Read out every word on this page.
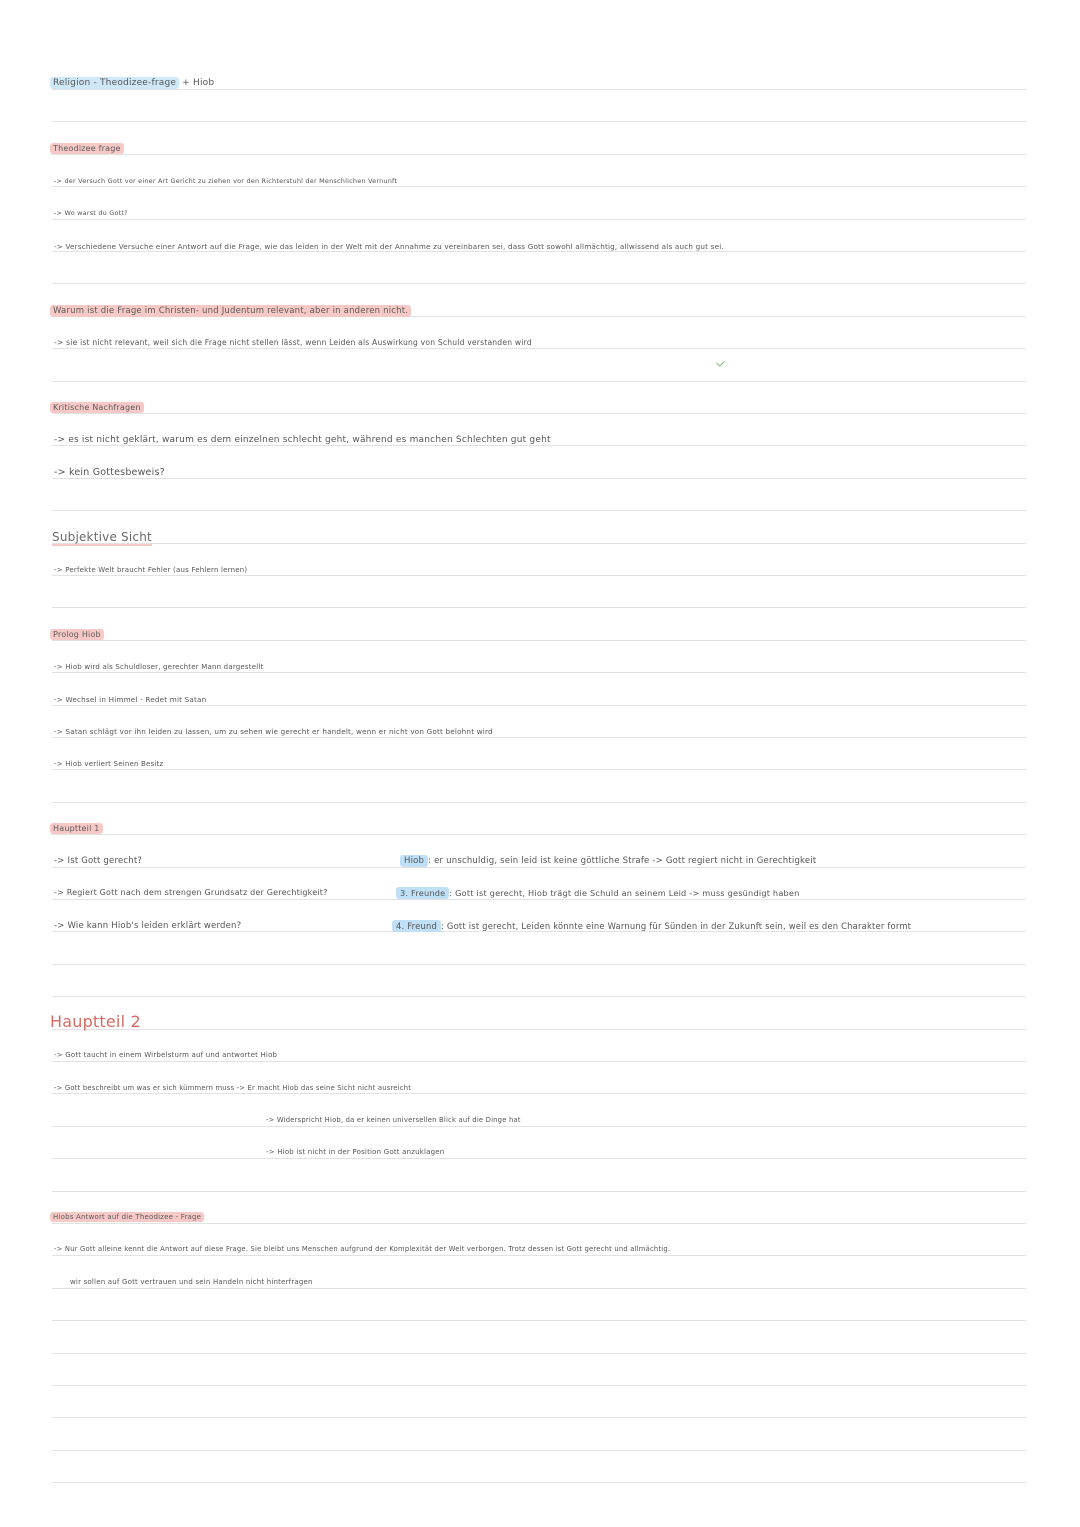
Religion - Theodizee-frage + Hiob
Theodizee frage
-> der Versuch Gott vor einer Art Gericht zu ziehen vor den Richterstuhl der Menschlichen Vernunft
-> Wo warst du Gott?
-> Verschiedene Versuche einer Antwort auf die Frage, wie das leiden in der Welt mit der Annahme zu vereinbaren sei, dass Gott sowohl allmächtig, allwissend als auch gut sei.
Warum ist die Frage im Christen- und Judentum relevant, aber in anderen nicht.
-> sie ist nicht relevant, weil sich die Frage nicht stellen lässt, wenn Leiden als Auswirkung von Schuld verstanden wird
Kritische Nachfragen
-> es ist nicht geklärt, warum es dem einzelnen schlecht geht, während es manchen Schlechten gut geht
-> kein Gottesbeweis?
Subjektive Sicht
-> Perfekte Welt braucht Fehler (aus Fehlern lernen)
Prolog Hiob
-> Hiob wird als Schuldloser, gerechter Mann dargestellt
-> Wechsel in Himmel - Redet mit Satan
-> Satan schlägt vor ihn leiden zu lassen, um zu sehen wie gerecht er handelt, wenn er nicht von Gott belohnt wird
-> Hiob verliert Seinen Besitz
Hauptteil 1
-> Ist Gott gerecht?
-> Regiert Gott nach dem strengen Grundsatz der Gerechtigkeit?
-> Wie kann Hiob's leiden erklärt werden?
Hiob : er unschuldig, sein leid ist keine göttliche Strafe -> Gott regiert nicht in Gerechtigkeit
3. Freunde : Gott ist gerecht, Hiob trägt die Schuld an seinem Leid -> muss gesündigt haben
4. Freund : Gott ist gerecht, Leiden könnte eine Warnung für Sünden in der Zukunft sein, weil es den Charakter formt
Hauptteil 2
-> Gott taucht in einem Wirbelsturm auf und antwortet Hiob
-> Gott beschreibt um was er sich kümmern muss -> Er macht Hiob das seine Sicht nicht ausreicht
-> Widerspricht Hiob, da er keinen universellen Blick auf die Dinge hat
-> Hiob ist nicht in der Position Gott anzuklagen
Hiobs Antwort auf die Theodizee - Frage
-> Nur Gott alleine kennt die Antwort auf diese Frage. Sie bleibt uns Menschen aufgrund der Komplexität der Welt verborgen. Trotz dessen ist Gott gerecht und allmächtig.
wir sollen auf Gott vertrauen und sein Handeln nicht hinterfragen
